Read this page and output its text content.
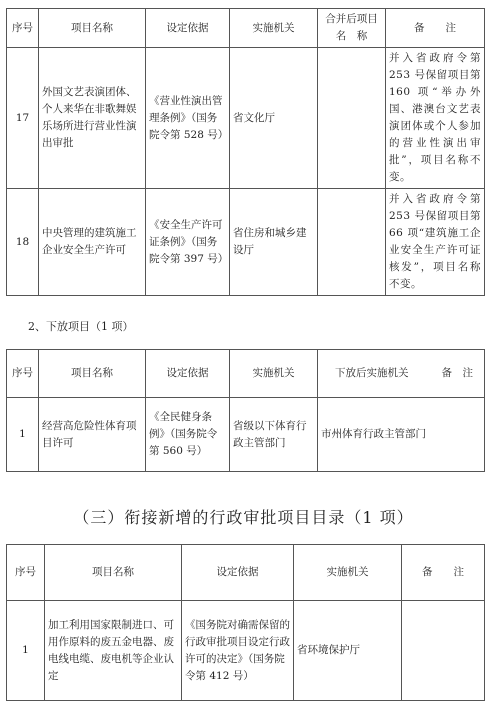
序号	项目名称	设定依据	实施机关	合并后项目
名　称	备　　注
17	外国文艺表演团体、个人来华在非歌舞娱乐场所进行营业性演出审批	《营业性演出管理条例》（国务院令第 528 号）	省文化厅		并入省政府令第 253 号保留项目第 160 项“举办外国、港澳台文艺表演团体或个人参加的营业性演出审批”，项目名称不变。
18	中央管理的建筑施工企业安全生产许可	《安全生产许可证条例》（国务院令第 397 号）	省住房和城乡建设厅		并入省政府令第 253 号保留项目第 66 项“建筑施工企业安全生产许可证核发”，项目名称不变。
2、下放项目（1 项）
序号	项目名称	设定依据	实施机关	下放后实施机关 备　注

1	经营高危险性体育项目许可	《全民健身条例》（国务院令第 560 号）	省级以下体育行政主管部门	市州体育行政主管部门
（三）衔接新增的行政审批项目目录（1 项）
序号	项目名称	设定依据	实施机关	备　　注
1	加工利用国家限制进口、可用作原料的废五金电器、废电线电缆、废电机等企业认定	《国务院对确需保留的行政审批项目设定行政许可的决定》（国务院令第 412 号）	省环境保护厅	
